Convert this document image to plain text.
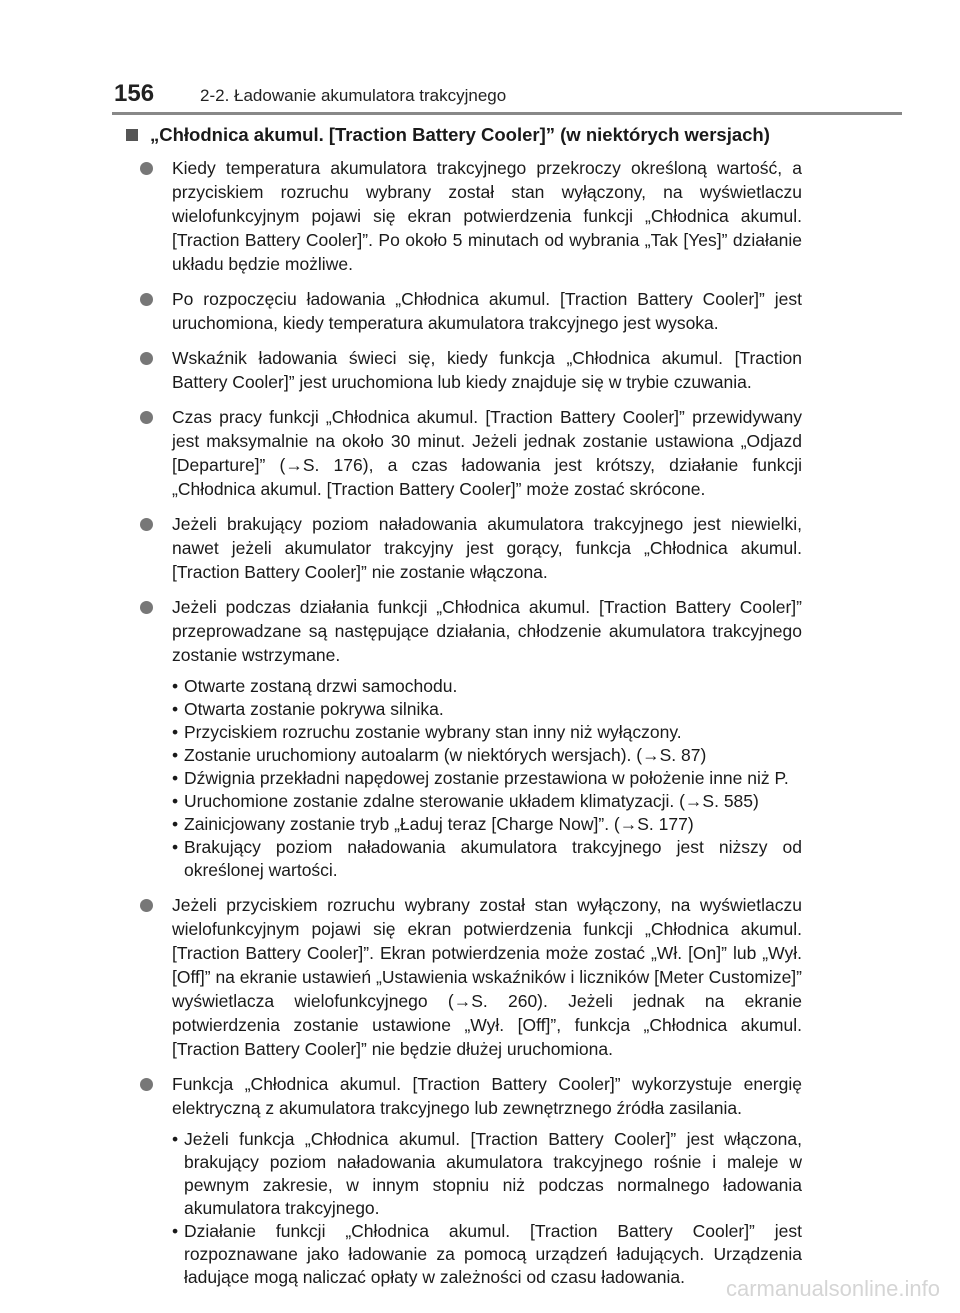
156	2-2. Ładowanie akumulatora trakcyjnego
„Chłodnica akumul. [Traction Battery Cooler]” (w niektórych wersjach)
Kiedy temperatura akumulatora trakcyjnego przekroczy określoną wartość, a przyciskiem rozruchu wybrany został stan wyłączony, na wyświetlaczu wielofunkcyjnym pojawi się ekran potwierdzenia funkcji „Chłodnica akumul. [Traction Battery Cooler]”. Po około 5 minutach od wybrania „Tak [Yes]” działanie układu będzie możliwe.
Po rozpoczęciu ładowania „Chłodnica akumul. [Traction Battery Cooler]” jest uruchomiona, kiedy temperatura akumulatora trakcyjnego jest wysoka.
Wskaźnik ładowania świeci się, kiedy funkcja „Chłodnica akumul. [Traction Battery Cooler]” jest uruchomiona lub kiedy znajduje się w trybie czuwania.
Czas pracy funkcji „Chłodnica akumul. [Traction Battery Cooler]” przewidywany jest maksymalnie na około 30 minut. Jeżeli jednak zostanie ustawiona „Odjazd [Departure]” (→S. 176), a czas ładowania jest krótszy, działanie funkcji „Chłodnica akumul. [Traction Battery Cooler]” może zostać skrócone.
Jeżeli brakujący poziom naładowania akumulatora trakcyjnego jest niewielki, nawet jeżeli akumulator trakcyjny jest gorący, funkcja „Chłodnica akumul. [Traction Battery Cooler]” nie zostanie włączona.
Jeżeli podczas działania funkcji „Chłodnica akumul. [Traction Battery Cooler]” przeprowadzane są następujące działania, chłodzenie akumulatora trakcyjnego zostanie wstrzymane.
• Otwarte zostaną drzwi samochodu.
• Otwarta zostanie pokrywa silnika.
• Przyciskiem rozruchu zostanie wybrany stan inny niż wyłączony.
• Zostanie uruchomiony autoalarm (w niektórych wersjach). (→S. 87)
• Dźwignia przekładni napędowej zostanie przestawiona w położenie inne niż P.
• Uruchomione zostanie zdalne sterowanie układem klimatyzacji. (→S. 585)
• Zainicjowany zostanie tryb „Ładuj teraz [Charge Now]”. (→S. 177)
• Brakujący poziom naładowania akumulatora trakcyjnego jest niższy od określonej wartości.
Jeżeli przyciskiem rozruchu wybrany został stan wyłączony, na wyświetlaczu wielofunkcyjnym pojawi się ekran potwierdzenia funkcji „Chłodnica akumul. [Traction Battery Cooler]”. Ekran potwierdzenia może zostać „Wł. [On]” lub „Wył. [Off]” na ekranie ustawień „Ustawienia wskaźników i liczników [Meter Customize]” wyświetlacza wielofunkcyjnego (→S. 260). Jeżeli jednak na ekranie potwierdzenia zostanie ustawione „Wył. [Off]”, funkcja „Chłodnica akumul. [Traction Battery Cooler]” nie będzie dłużej uruchomiona.
Funkcja „Chłodnica akumul. [Traction Battery Cooler]” wykorzystuje energię elektryczną z akumulatora trakcyjnego lub zewnętrznego źródła zasilania.
• Jeżeli funkcja „Chłodnica akumul. [Traction Battery Cooler]” jest włączona, brakujący poziom naładowania akumulatora trakcyjnego rośnie i maleje w pewnym zakresie, w innym stopniu niż podczas normalnego ładowania akumulatora trakcyjnego.
• Działanie funkcji „Chłodnica akumul. [Traction Battery Cooler]” jest rozpoznawane jako ładowanie za pomocą urządzeń ładujących. Urządzenia ładujące mogą naliczać opłaty w zależności od czasu ładowania.	carmanualsonline.info
